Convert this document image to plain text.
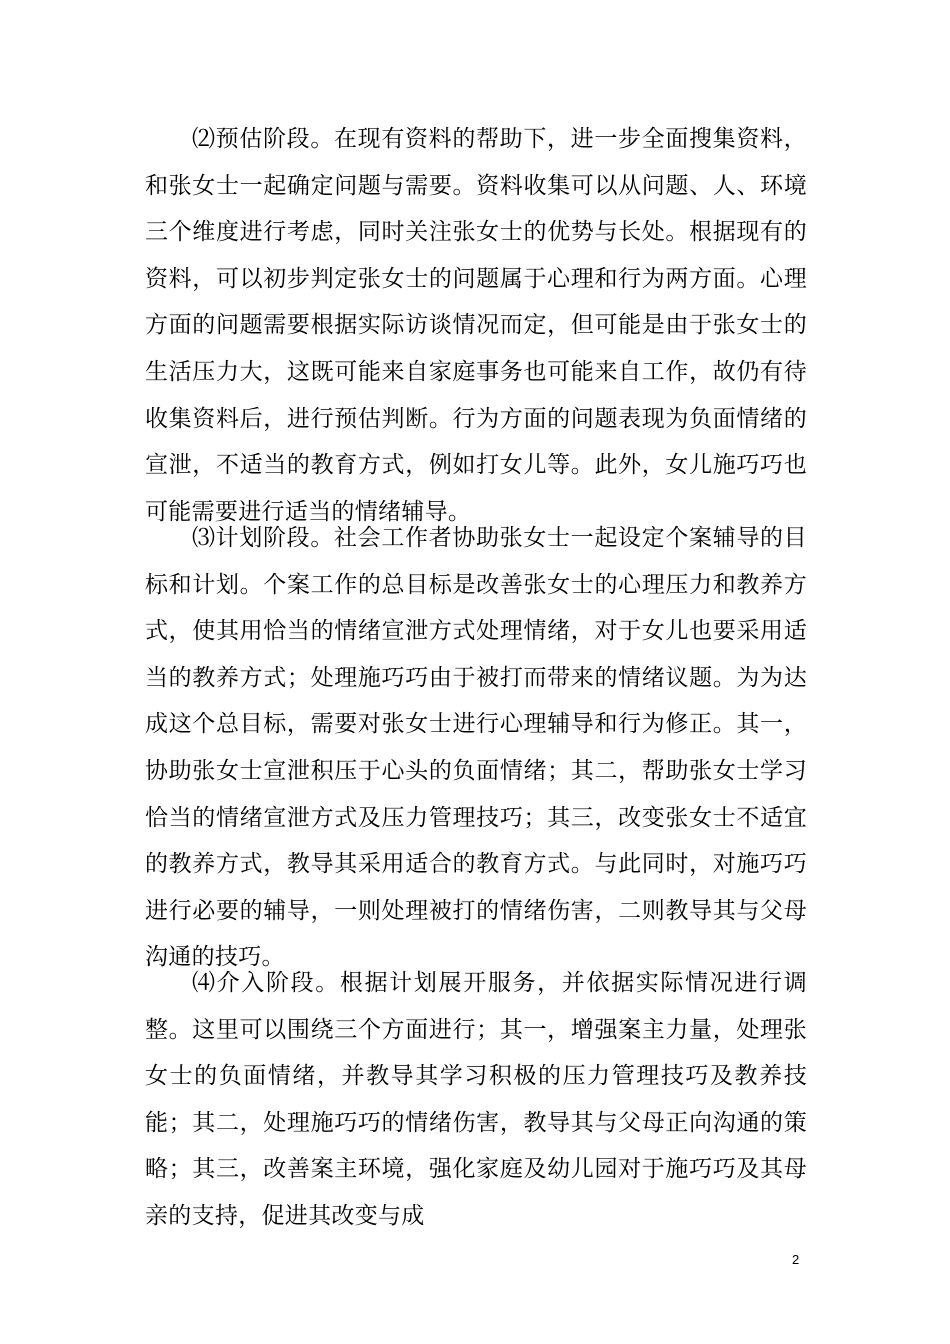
⑵预估阶段。在现有资料的帮助下，进一步全面搜集资料，和张女士一起确定问题与需要。资料收集可以从问题、人、环境三个维度进行考虑，同时关注张女士的优势与长处。根据现有的资料，可以初步判定张女士的问题属于心理和行为两方面。心理方面的问题需要根据实际访谈情况而定，但可能是由于张女士的生活压力大，这既可能来自家庭事务也可能来自工作，故仍有待收集资料后，进行预估判断。行为方面的问题表现为负面情绪的宣泄，不适当的教育方式，例如打女儿等。此外，女儿施巧巧也可能需要进行适当的情绪辅导。

⑶计划阶段。社会工作者协助张女士一起设定个案辅导的目标和计划。个案工作的总目标是改善张女士的心理压力和教养方式，使其用恰当的情绪宣泄方式处理情绪，对于女儿也要采用适当的教养方式；处理施巧巧由于被打而带来的情绪议题。为为达成这个总目标，需要对张女士进行心理辅导和行为修正。其一，协助张女士宣泄积压于心头的负面情绪；其二，帮助张女士学习恰当的情绪宣泄方式及压力管理技巧；其三，改变张女士不适宜的教养方式，教导其采用适合的教育方式。与此同时，对施巧巧进行必要的辅导，一则处理被打的情绪伤害，二则教导其与父母沟通的技巧。

⑷介入阶段。根据计划展开服务，并依据实际情况进行调整。这里可以围绕三个方面进行；其一，增强案主力量，处理张女士的负面情绪，并教导其学习积极的压力管理技巧及教养技能；其二，处理施巧巧的情绪伤害，教导其与父母正向沟通的策略；其三，改善案主环境，强化家庭及幼儿园对于施巧巧及其母亲的支持，促进其改变与成

2
